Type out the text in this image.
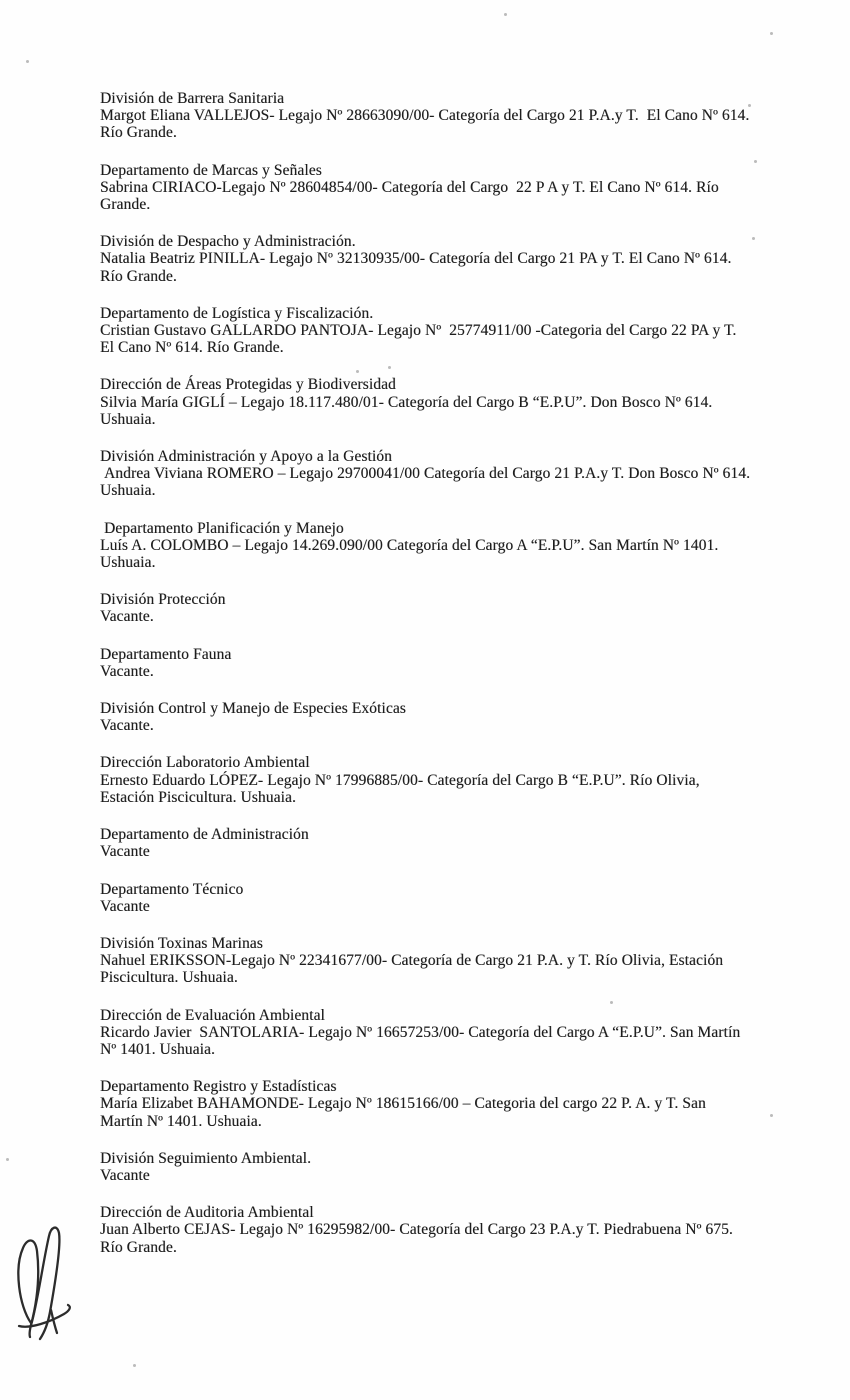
División de Barrera Sanitaria
Margot Eliana VALLEJOS- Legajo Nº 28663090/00- Categoría del Cargo 21 P.A.y T.  El Cano Nº 614. Río Grande.
Departamento de Marcas y Señales
Sabrina CIRIACO-Legajo Nº 28604854/00- Categoría del Cargo  22 P A y T. El Cano Nº 614. Río Grande.
División de Despacho y Administración.
Natalia Beatriz PINILLA- Legajo Nº 32130935/00- Categoría del Cargo 21 PA y T. El Cano Nº 614. Río Grande.
Departamento de Logística y Fiscalización.
Cristian Gustavo GALLARDO PANTOJA- Legajo Nº  25774911/00 -Categoria del Cargo 22 PA y T. El Cano Nº 614. Río Grande.
Dirección de Áreas Protegidas y Biodiversidad
Silvia María GIGLÍ – Legajo 18.117.480/01- Categoría del Cargo B “E.P.U”. Don Bosco Nº 614. Ushuaia.
División Administración y Apoyo a la Gestión
Andrea Viviana ROMERO – Legajo 29700041/00 Categoría del Cargo 21 P.A.y T. Don Bosco Nº 614. Ushuaia.
Departamento Planificación y Manejo
Luís A. COLOMBO – Legajo 14.269.090/00 Categoría del Cargo A “E.P.U”. San Martín Nº 1401. Ushuaia.
División Protección
Vacante.
Departamento Fauna
Vacante.
División Control y Manejo de Especies Exóticas
Vacante.
Dirección Laboratorio Ambiental
Ernesto Eduardo LÓPEZ- Legajo Nº 17996885/00- Categoría del Cargo B “E.P.U”. Río Olivia, Estación Piscicultura. Ushuaia.
Departamento de Administración
Vacante
Departamento Técnico
Vacante
División Toxinas Marinas
Nahuel ERIKSSON-Legajo Nº 22341677/00- Categoría de Cargo 21 P.A. y T. Río Olivia, Estación Piscicultura. Ushuaia.
Dirección de Evaluación Ambiental
Ricardo Javier  SANTOLARIA- Legajo Nº 16657253/00- Categoría del Cargo A “E.P.U”. San Martín Nº 1401. Ushuaia.
Departamento Registro y Estadísticas
María Elizabet BAHAMONDE- Legajo Nº 18615166/00 – Categoria del cargo 22 P. A. y T. San Martín Nº 1401. Ushuaia.
División Seguimiento Ambiental.
Vacante
Dirección de Auditoria Ambiental
Juan Alberto CEJAS- Legajo Nº 16295982/00- Categoría del Cargo 23 P.A.y T. Piedrabuena Nº 675. Río Grande.
